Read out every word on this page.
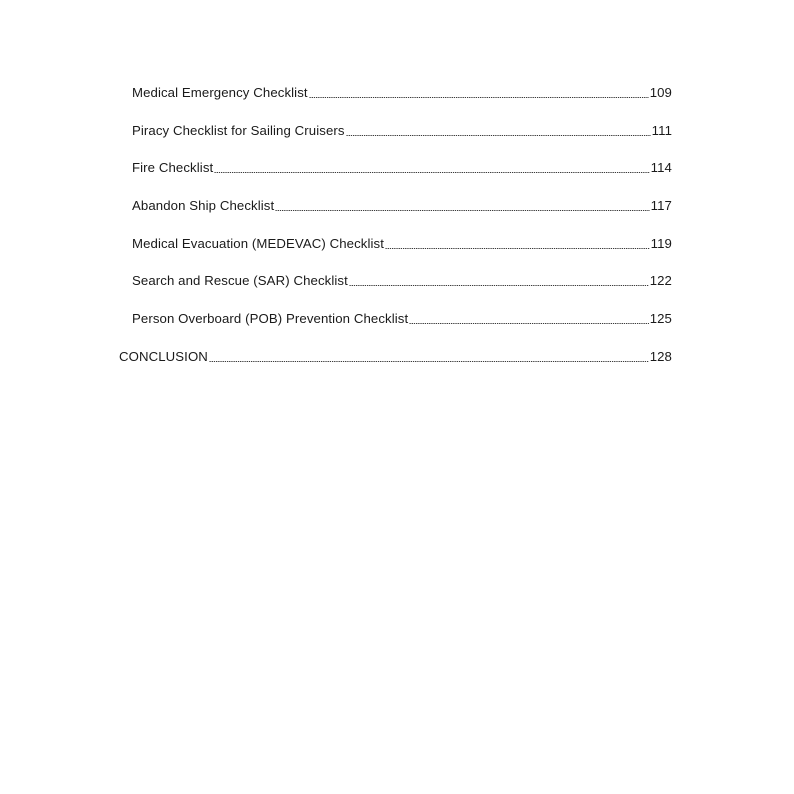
Medical Emergency Checklist	109
Piracy Checklist for Sailing Cruisers	111
Fire Checklist	114
Abandon Ship Checklist	117
Medical Evacuation (MEDEVAC) Checklist	119
Search and Rescue (SAR) Checklist	122
Person Overboard (POB) Prevention Checklist	125
CONCLUSION	128
